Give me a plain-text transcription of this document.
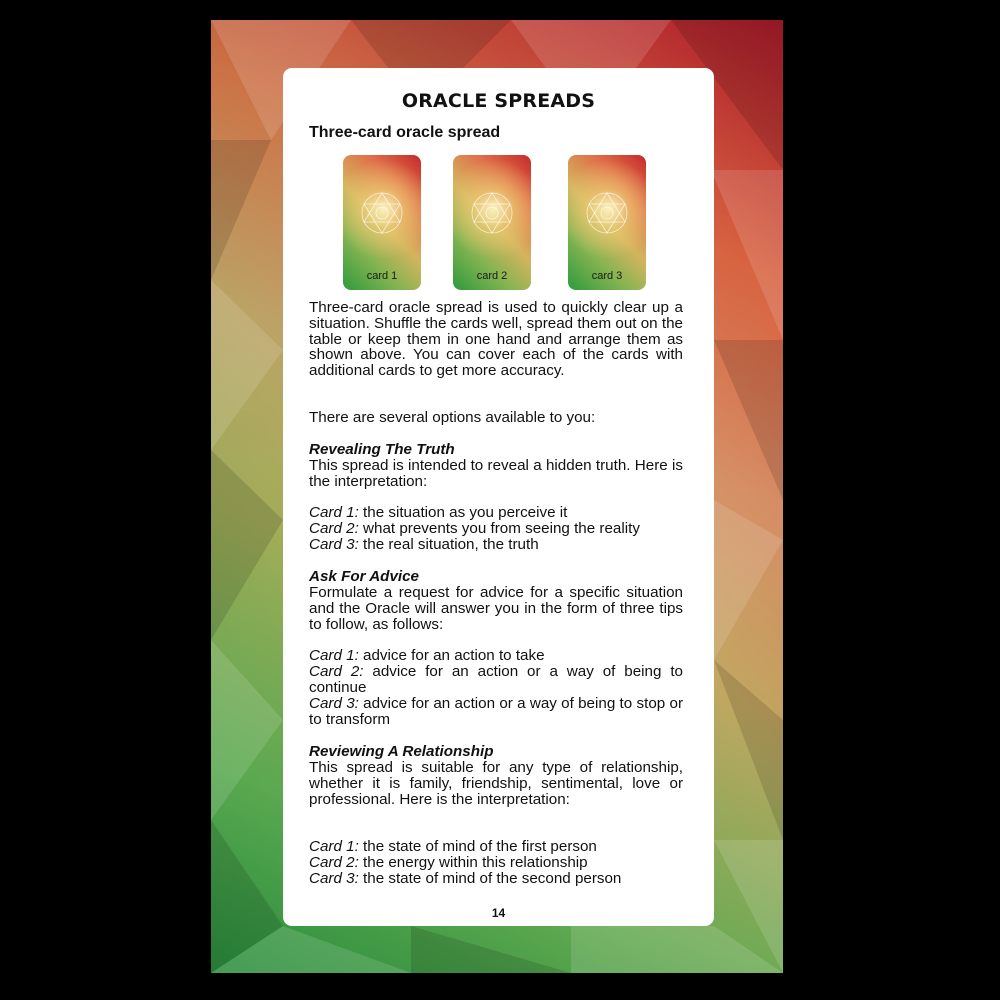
ORACLE SPREADS
Three-card oracle spread
card 1	card 2	card 3
Three-card oracle spread is used to quickly clear up a situation. Shuffle the cards well, spread them out on the table or keep them in one hand and arrange them as shown above. You can cover each of the cards with additional cards to get more accuracy.
There are several options available to you:
Revealing The Truth
This spread is intended to reveal a hidden truth. Here is the interpretation:
Card 1: the situation as you perceive it
Card 2: what prevents you from seeing the reality
Card 3: the real situation, the truth
Ask For Advice
Formulate a request for advice for a specific situation and the Oracle will answer you in the form of three tips to follow, as follows:
Card 1: advice for an action to take
Card 2: advice for an action or a way of being to continue
Card 3: advice for an action or a way of being to stop or to transform
Reviewing A Relationship
This spread is suitable for any type of relationship, whether it is family, friendship, sentimental, love or professional. Here is the interpretation:
Card 1: the state of mind of the first person
Card 2: the energy within this relationship
Card 3: the state of mind of the second person
14
